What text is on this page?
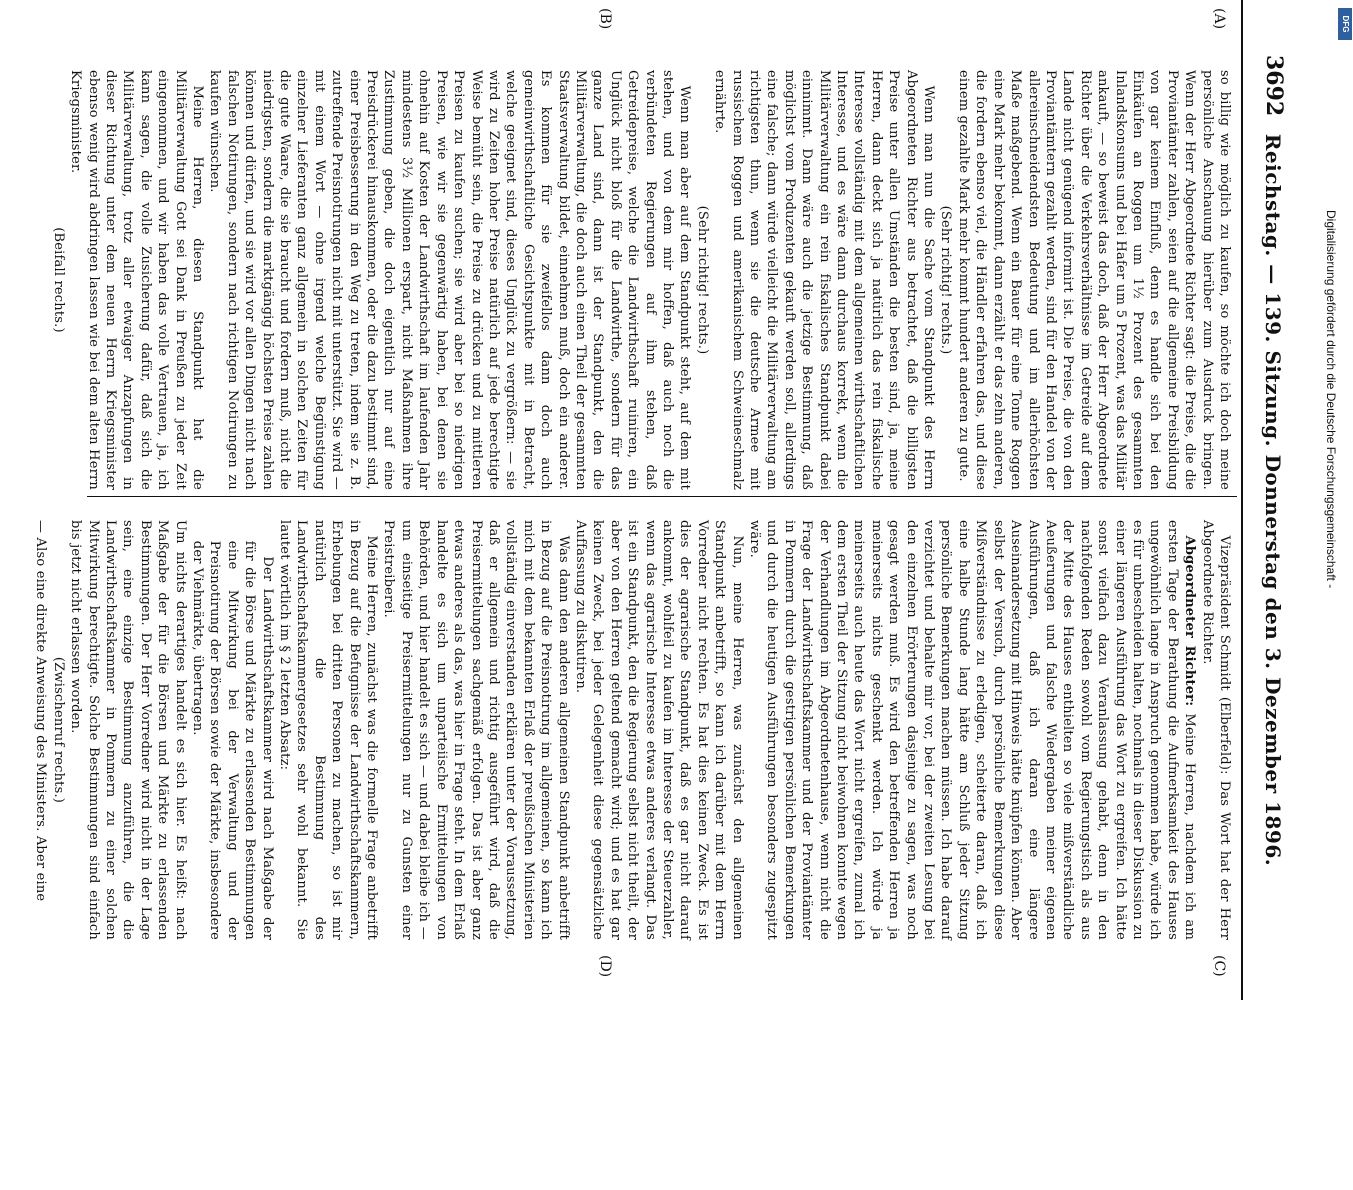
3692
Reichstag. — 139. Sitzung. Donnerstag den 3. Dezember 1896.
(A)
(B)
(C)
(D)

so billig wie möglich zu kaufen, so möchte ich doch meine persönliche Anschauung hierüber zum Ausdruck bringen. Wenn der Herr Abgeordnete Richter sagt: die Preise, die die Proviantämter zahlen, seien auf die allgemeine Preisbildung von gar keinem Einfluß, denn es handle sich bei den Einkäufen an Roggen um 1½ Prozent des gesammten Inlandskonsums und bei Hafer um 5 Prozent, was das Militär ankauft, — so beweist das doch, daß der Herr Abgeordnete Richter über die Verkehrsverhältnisse im Getreide auf dem Lande nicht genügend informirt ist. Die Preise, die von den Proviantämtern gezahlt werden, sind für den Handel von der allereinschneidendsten Bedeutung und im allerhöchsten Maße maßgebend. Wenn ein Bauer für eine Tonne Roggen eine Mark mehr bekommt, dann erzählt er das zehn anderen, die fordern ebenso viel, die Händler erfahren das, und diese einem gezahlte Mark mehr kommt hundert anderen zu gute.

(Sehr richtig! rechts.)

Wenn man nun die Sache vom Standpunkt des Herrn Abgeordneten Richter aus betrachtet, daß die billigsten Preise unter allen Umständen die besten sind, ja, meine Herren, dann deckt sich ja natürlich das rein fiskalische Interesse vollständig mit dem allgemeinen wirthschaftlichen Interesse, und es wäre dann durchaus korrekt, wenn die Militärverwaltung ein rein fiskalisches Standpunkt dabei einnimmt. Dann wäre auch die jetzige Bestimmung, daß möglichst vom Produzenten gekauft werden soll, allerdings eine falsche; dann würde vielleicht die Militärverwaltung am richtigsten thun, wenn sie die deutsche Armee mit russischem Roggen und amerikanischem Schweineschmalz ernährte.

(Sehr richtig! rechts.)

Wenn man aber auf dem Standpunkt steht, auf dem mit stehen, und von dem mir hoffen, daß auch noch die verbündeten Regierungen auf ihm stehen, daß Getreidepreise, welche die Landwirthschaft ruiniren, ein Unglück nicht bloß für die Landwirthe, sondern für das ganze Land sind, dann ist der Standpunkt, den die Militärverwaltung, die doch auch einen Theil der gesammten Staatsverwaltung bildet, einnehmen muß, doch ein anderer. Es kommen für sie zweifellos dann doch auch gemeinwirthschaftliche Gesichtspunkte mit in Betracht, welche geeignet sind, dieses Unglück zu vergrößern: — sie wird zu Zeiten hoher Preise natürlich auf jede berechtigte Weise bemüht sein, die Preise zu drücken und zu mittleren Preisen zu kaufen suchen; sie wird aber bei so niedrigen Preisen, wie wir sie gegenwärtig haben, bei denen sie ohnehin auf Kosten der Landwirthschaft im laufenden Jahr mindestens 3½ Millionen erspart, nicht Maßnahmen ihre Zustimmung geben, die doch eigentlich nur auf eine Preisdrückerei hinauskommen, oder die dazu bestimmt sind, einer Preisbesserung in den Weg zu treten, indem sie z. B. zutreffende Preisnotirungen nicht mit unterstützt. Sie wird — mit einem Wort — ohne irgend welche Begünstigung einzelner Lieferanten ganz allgemein in solchen Zeiten für die gute Waare, die sie braucht und fordern muß, nicht die niedrigsten, sondern die marktgängig höchsten Preise zahlen können und dürfen, und sie wird vor allen Dingen nicht nach falschen Notirungen, sondern nach richtigen Notirungen zu kaufen wünschen.

Meine Herren, diesen Standpunkt hat die Militärverwaltung Gott sei Dank in Preußen zu jeder Zeit eingenommen, und wir haben das volle Vertrauen, ja, ich kann sagen, die volle Zusicherung dafür, daß sich die Militärverwaltung, trotz aller etwaiger Anzapfungen in dieser Richtung unter dem neuen Herrn Kriegsminister ebenso wenig wird abdringen lassen wie bei dem alten Herrn Kriegsminister.

(Beifall rechts.)

Vizepräsident Schmidt (Elberfeld): Das Wort hat der Herr Abgeordnete Richter.

Abgeordneter Richter: Meine Herren, nachdem ich am ersten Tage der Berathung die Aufmerksamkeit des Hauses ungewöhnlich lange in Anspruch genommen habe, würde ich es für unbescheiden halten, nochmals in dieser Diskussion zu einer längeren Ausführung das Wort zu ergreifen. Ich hätte sonst vielfach dazu Veranlassung gehabt, denn in den nachfolgenden Reden sowohl vom Regierungstisch als aus der Mitte des Hauses enthielten so viele mißverständliche Aeußerungen und falsche Wiedergaben meiner eigenen Ausführungen, daß ich daran eine längere Auseinandersetzung mit Hinweis hätte knüpfen können. Aber selbst der Versuch, durch persönliche Bemerkungen diese Mißverständnisse zu erledigen, scheiterte daran, daß ich eine halbe Stunde lang hätte am Schluß jeder Sitzung persönliche Bemerkungen machen müssen. Ich habe darauf verzichtet und behalte mir vor, bei der zweiten Lesung bei den einzelnen Erörterungen dasjenige zu sagen, was noch gesagt werden muß. Es wird den betreffenden Herren ja meinerseits nichts geschenkt werden. Ich würde ja meinerseits auch heute das Wort nicht ergreifen, zumal ich dem ersten Theil der Sitzung nicht beiwohnen konnte wegen der Verhandlungen im Abgeordnetenhause, wenn nicht die Frage der Landwirthschaftskammer und der Proviantämter in Pommern durch die gestrigen persönlichen Bemerkungen und durch die heutigen Ausführungen besonders zugespitzt wäre.

Nun, meine Herren, was zunächst den allgemeinen Standpunkt anbetrifft, so kann ich darüber mit dem Herrn Vorredner nicht rechten. Es hat dies keinen Zweck. Es ist dies der agrarische Standpunkt, daß es gar nicht darauf ankommt, wohlfeil zu kaufen im Interesse der Steuerzahler, wenn das agrarische Interesse etwas anderes verlangt. Das ist ein Standpunkt, den die Regierung selbst nicht theilt, der aber von den Herren geltend gemacht wird; und es hat gar keinen Zweck, bei jeder Gelegenheit diese gegensätzliche Auffassung zu diskutiren.

Was dann den anderen allgemeinen Standpunkt anbetrifft in Bezug auf die Preisnotirung im allgemeinen, so kann ich mich mit dem bekannten Erlaß der preußischen Ministerien vollständig einverstanden erklären unter der Voraussetzung, daß er allgemein und richtig ausgeführt wird, daß die Preisermittelungen sachgemäß erfolgen. Das ist aber ganz etwas anderes als das, was hier in Frage steht. In dem Erlaß handelte es sich um unparteiische Ermittelungen von Behörden, und hier handelt es sich — und dabei bleibe ich — um einseitige Preisermittelungen nur zu Gunsten einer Preistreiberei.

Meine Herren, zunächst was die formelle Frage anbetrifft in Bezug auf die Befugnisse der Landwirthschaftskammern, Erhebungen bei dritten Personen zu machen, so ist mir natürlich die Bestimmung des Landwirthschaftskammergesetzes sehr wohl bekannt. Sie lautet wörtlich im § 2 letzten Absatz:

Der Landwirthschaftskammer wird nach Maßgabe der für die Börse und Märkte zu erlassenden Bestimmungen eine Mitwirkung bei der Verwaltung und der Preisnotirung der Börsen sowie der Märkte, insbesondere der Viehmärkte, übertragen.

Um nichts derartiges handelt es sich hier. Es heißt: nach Maßgabe der für die Börsen und Märkte zu erlassenden Bestimmungen. Der Herr Vorredner wird nicht in der Lage sein, eine einzige Bestimmung anzuführen, die die Landwirthschaftskammer in Pommern zu einer solchen Mitwirkung berechtigte. Solche Bestimmungen sind einfach bis jetzt nicht erlassen worden.

(Zwischenruf rechts.)

— Also eine direkte Anweisung des Ministers. Aber eine

DFG
Digitalisierung gefördert durch die Deutsche Forschungsgemeinschaft -
